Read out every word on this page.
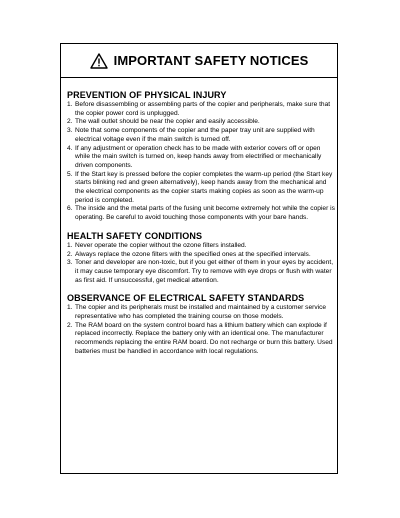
IMPORTANT SAFETY NOTICES
PREVENTION OF PHYSICAL INJURY
1. Before disassembling or assembling parts of the copier and peripherals, make sure that the copier power cord is unplugged.
2. The wall outlet should be near the copier and easily accessible.
3. Note that some components of the copier and the paper tray unit are supplied with electrical voltage even if the main switch is turned off.
4. If any adjustment or operation check has to be made with exterior covers off or open while the main switch is turned on, keep hands away from electrified or mechanically driven components.
5. If the Start key is pressed before the copier completes the warm-up period (the Start key starts blinking red and green alternatively), keep hands away from the mechanical and the electrical components as the copier starts making copies as soon as the warm-up period is completed.
6. The inside and the metal parts of the fusing unit become extremely hot while the copier is operating. Be careful to avoid touching those components with your bare hands.
HEALTH SAFETY CONDITIONS
1. Never operate the copier without the ozone filters installed.
2. Always replace the ozone filters with the specified ones at the specified intervals.
3. Toner and developer are non-toxic, but if you get either of them in your eyes by accident, it may cause temporary eye discomfort. Try to remove with eye drops or flush with water as first aid. If unsuccessful, get medical attention.
OBSERVANCE OF ELECTRICAL SAFETY STANDARDS
1. The copier and its peripherals must be installed and maintained by a customer service representative who has completed the training course on those models.
2. The RAM board on the system control board has a lithium battery which can explode if replaced incorrectly. Replace the battery only with an identical one. The manufacturer recommends replacing the entire RAM board. Do not recharge or burn this battery. Used batteries must be handled in accordance with local regulations.
